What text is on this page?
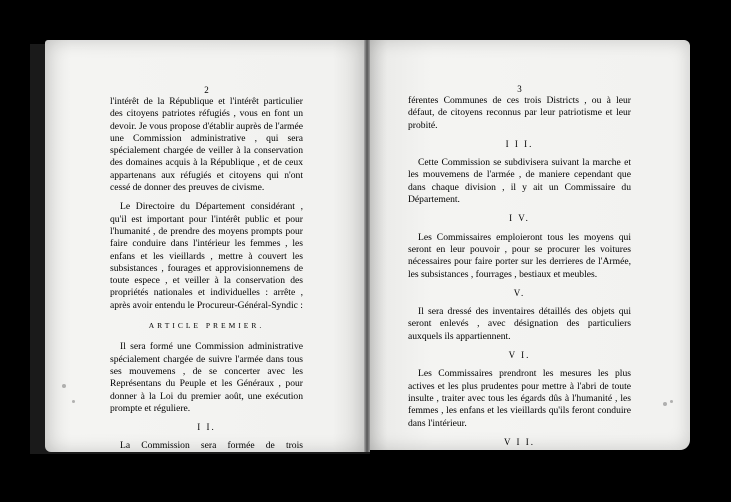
2

l'intérêt de la République et l'intérêt particulier des citoyens patriotes réfugiés , vous en font un devoir. Je vous propose d'établir auprès de l'armée une Commission administrative , qui sera spécialement chargée de veiller à la conservation des domaines acquis à la République , et de ceux appartenans aux réfugiés et citoyens qui n'ont cessé de donner des preuves de civisme.

Le Directoire du Département considérant , qu'il est important pour l'intérêt public et pour l'humanité , de prendre des moyens prompts pour faire conduire dans l'intérieur les femmes , les enfans et les vieillards , mettre à couvert les subsistances , fourages et approvisionnemens de toute espece , et veiller à la conservation des propriétés nationales et individuelles : arrête , après avoir entendu le Procureur-Général-Syndic :

ARTICLE PREMIER.

Il sera formé une Commission administrative spécialement chargée de suivre l'armée dans tous ses mouvemens , de se concerter avec les Représentans du Peuple et les Généraux , pour donner à la Loi du premier août, une exécution prompte et réguliere.

I I.

La Commission sera formée de trois Administrateurs ou Commissaires du Département , de tous les Membres présens des Administrations des Districts de Vihiers, Cholet et St. Florent , des Officiers Municipaux des dif-

3

férentes Communes de ces trois Districts , ou à leur défaut, de citoyens reconnus par leur patriotisme et leur probité.

I I I.

Cette Commission se subdivisera suivant la marche et les mouvemens de l'armée , de maniere cependant que dans chaque division , il y ait un Commissaire du Département.

I V.

Les Commissaires emploieront tous les moyens qui seront en leur pouvoir , pour se procurer les voitures nécessaires pour faire porter sur les derrieres de l'Armée, les subsistances , fourrages , bestiaux et meubles.

V.

Il sera dressé des inventaires détaillés des objets qui seront enlevés , avec désignation des particuliers auxquels ils appartiennent.

V I.

Les Commissaires prendront les mesures les plus actives et les plus prudentes pour mettre à l'abri de toute insulte , traiter avec tous les égards dûs à l'humanité , les femmes , les enfans et les vieillards qu'ils feront conduire dans l'intérieur.

V I I.

Lesdits Commissaires donneront aux Représentans du Peuple et aux Généraux de l'Armée tous les renseigne-
